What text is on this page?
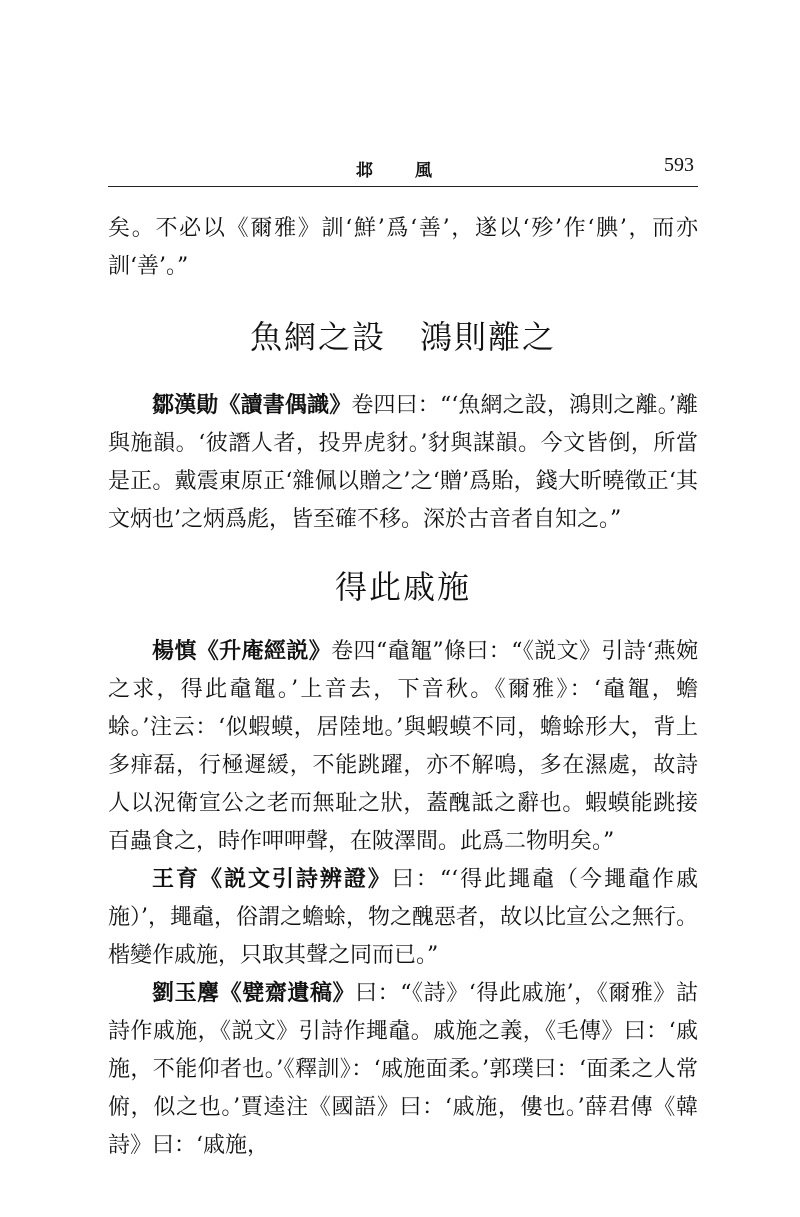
邶 風	593

矣。不必以《爾雅》訓‘鮮’爲‘善’，遂以‘殄’作‘腆’，而亦訓‘善’。”

魚網之設 鴻則離之

鄒漢勛《讀書偶識》卷四曰：“‘魚網之設，鴻則之離。’離與施韻。‘彼譖人者，投畀虎豺。’豺與謀韻。今文皆倒，所當是正。戴震東原正‘雜佩以贈之’之‘贈’爲貽，錢大昕曉徵正‘其文炳也’之炳爲彪，皆至確不移。深於古音者自知之。”

得此戚施

楊慎《升庵經説》卷四“鼀鼅”條曰：“《説文》引詩‘燕婉之求，得此鼀鼅。’上音去，下音秋。《爾雅》：‘鼀鼅，蟾蜍。’注云：‘似蝦蟆，居陸地。’與蝦蟆不同，蟾蜍形大，背上多痱磊，行極遲緩，不能跳躍，亦不解鳴，多在濕處，故詩人以況衛宣公之老而無耻之狀，蓋醜詆之辭也。蝦蟆能跳接百蟲食之，時作呷呷聲，在陂澤間。此爲二物明矣。”

王育《説文引詩辨證》曰：“‘得此䵷鼀（今䵷鼀作戚施）’，䵷鼀，俗謂之蟾蜍，物之醜惡者，故以比宣公之無行。楷變作戚施，只取其聲之同而已。”

劉玉麐《甓齋遺稿》曰：“《詩》‘得此戚施’，《爾雅》詁詩作戚施，《説文》引詩作䵷鼀。戚施之義，《毛傳》曰：‘戚施，不能仰者也。’《釋訓》：‘戚施面柔。’郭璞曰：‘面柔之人常俯，似之也。’賈逵注《國語》曰：‘戚施，僂也。’薛君傳《韓詩》曰：‘戚施，
